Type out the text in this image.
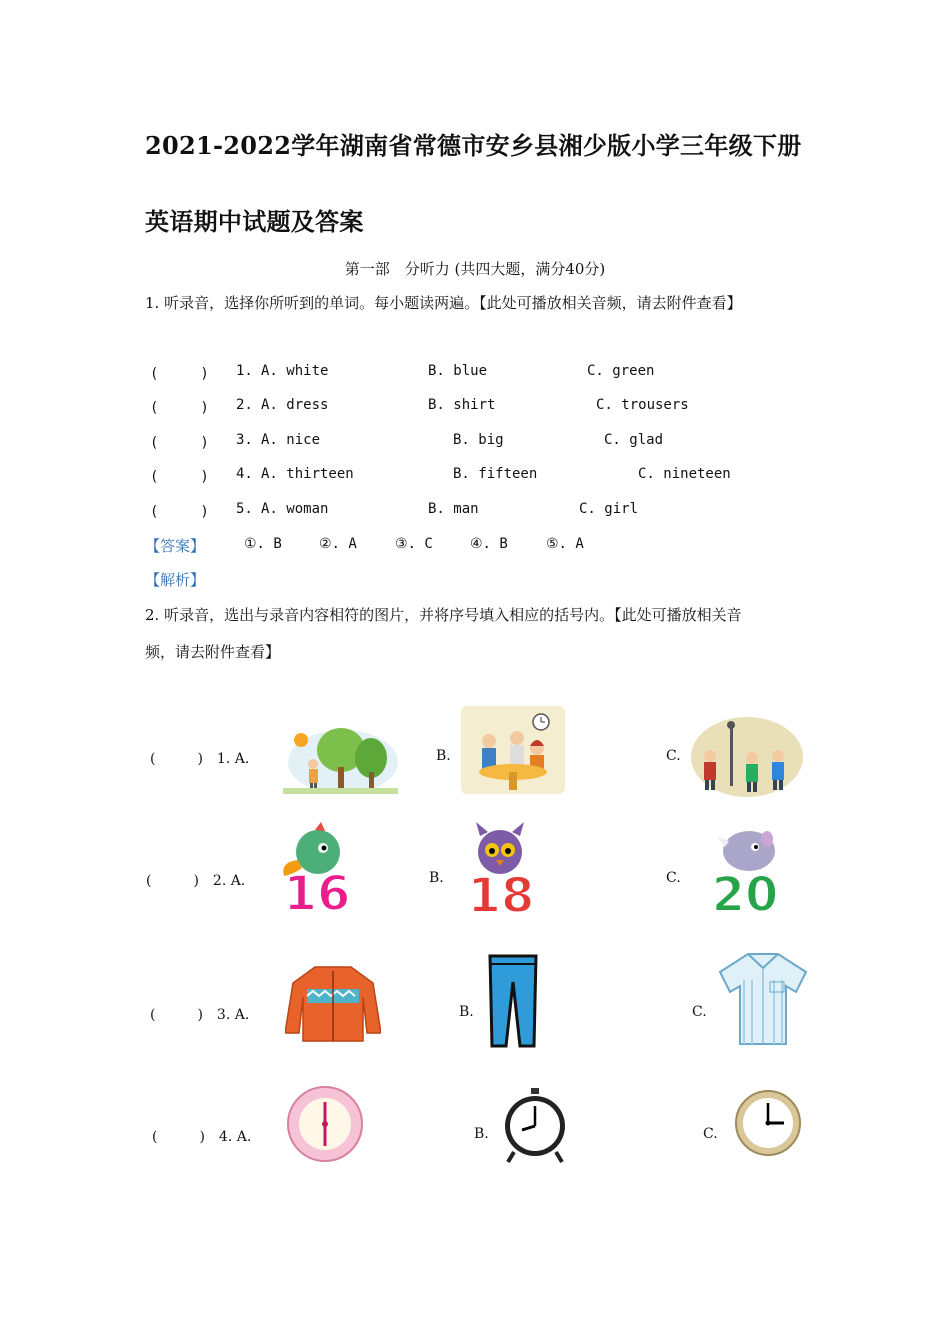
2021-2022学年湖南省常德市安乡县湘少版小学三年级下册
英语期中试题及答案
第一部　分听力 (共四大题，满分40分)
1. 听录音，选择你所听到的单词。每小题读两遍。【此处可播放相关音频，请去附件查看】
(　　　) 1. A. white	B. blue	C. green
(　　　) 2. A. dress	B. shirt	C. trousers
(　　　) 3. A. nice	B. big	C. glad
(　　　) 4. A. thirteen	B. fifteen	C. nineteen
(　　　) 5. A. woman	B. man	C. girl
【答案】	①. B	②. A	③. C	④. B	⑤. A
【解析】
2. 听录音，选出与录音内容相符的图片，并将序号填入相应的括号内。【此处可播放相关音
频，请去附件查看】
(　　　)　1. A.	B.	C.
(　　　)　2. A.	B.	C.
(　　　)　3. A.	B.	C.
(　　　)　4. A.	B.	C.
16 18	20
